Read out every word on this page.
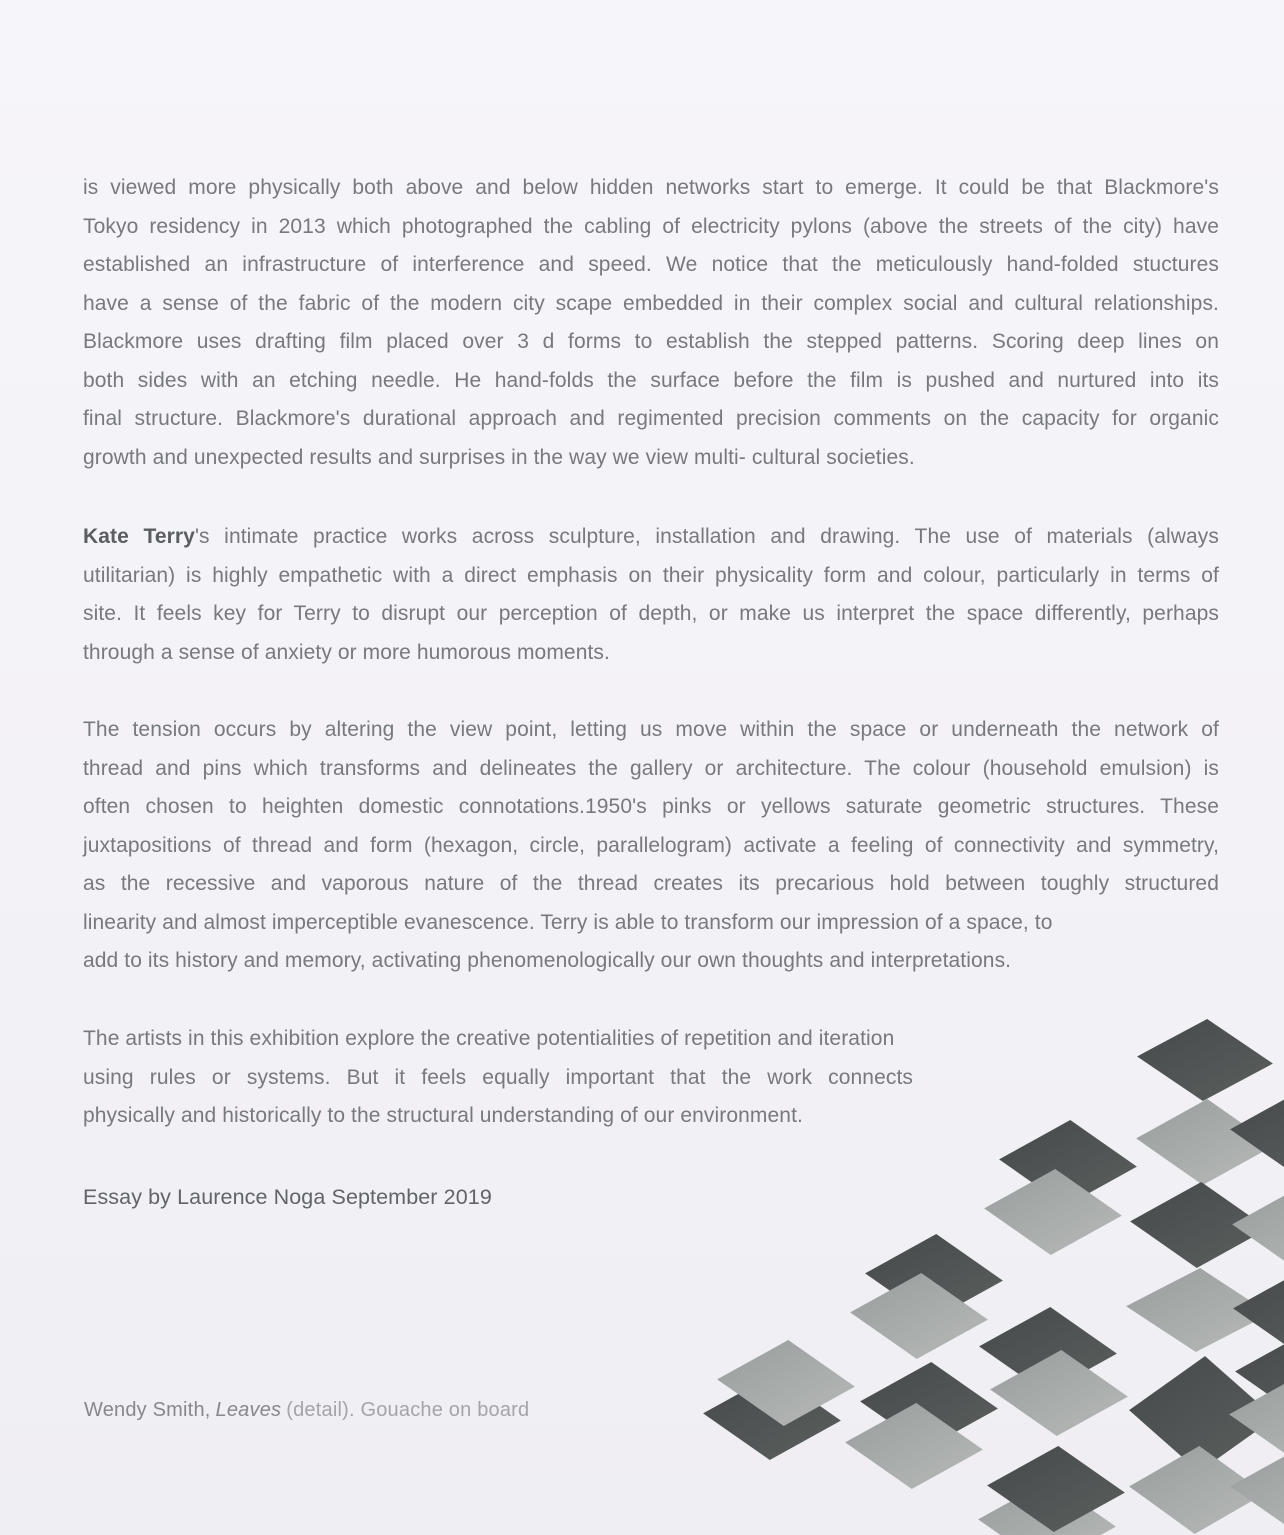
is viewed more physically both above and below hidden networks start to emerge. It could be that Blackmore's
Tokyo residency in 2013 which photographed the cabling of electricity pylons (above the streets of the city) have
established an infrastructure of interference and speed. We notice that the meticulously hand-folded stuctures
have a sense of the fabric of the modern city scape embedded in their complex social and cultural relationships.
Blackmore uses drafting film placed over 3 d forms to establish the stepped patterns. Scoring deep lines on
both sides with an etching needle. He hand-folds the surface before the film is pushed and nurtured into its
final structure. Blackmore's durational approach and regimented precision comments on the capacity for organic
growth and unexpected results and surprises in the way we view multi- cultural societies.
Kate Terry's intimate practice works across sculpture, installation and drawing. The use of materials (always
utilitarian) is highly empathetic with a direct emphasis on their physicality form and colour, particularly in terms of
site. It feels key for Terry to disrupt our perception of depth, or make us interpret the space differently, perhaps
through a sense of anxiety or more humorous moments.
The tension occurs by altering the view point, letting us move within the space or underneath the network of
thread and pins which transforms and delineates the gallery or architecture. The colour (household emulsion) is
often chosen to heighten domestic connotations.1950's pinks or yellows saturate geometric structures. These
juxtapositions of thread and form (hexagon, circle, parallelogram) activate a feeling of connectivity and symmetry,
as the recessive and vaporous nature of the thread creates its precarious hold between toughly structured
linearity and almost imperceptible evanescence. Terry is able to transform our impression of a space, to
add to its history and memory, activating phenomenologically our own thoughts and interpretations.
The artists in this exhibition explore the creative potentialities of repetition and iteration
using rules or systems. But it feels equally important that the work connects
physically and historically to the structural understanding of our environment.
Essay by Laurence Noga September 2019
Wendy Smith, Leaves (detail). Gouache on board
